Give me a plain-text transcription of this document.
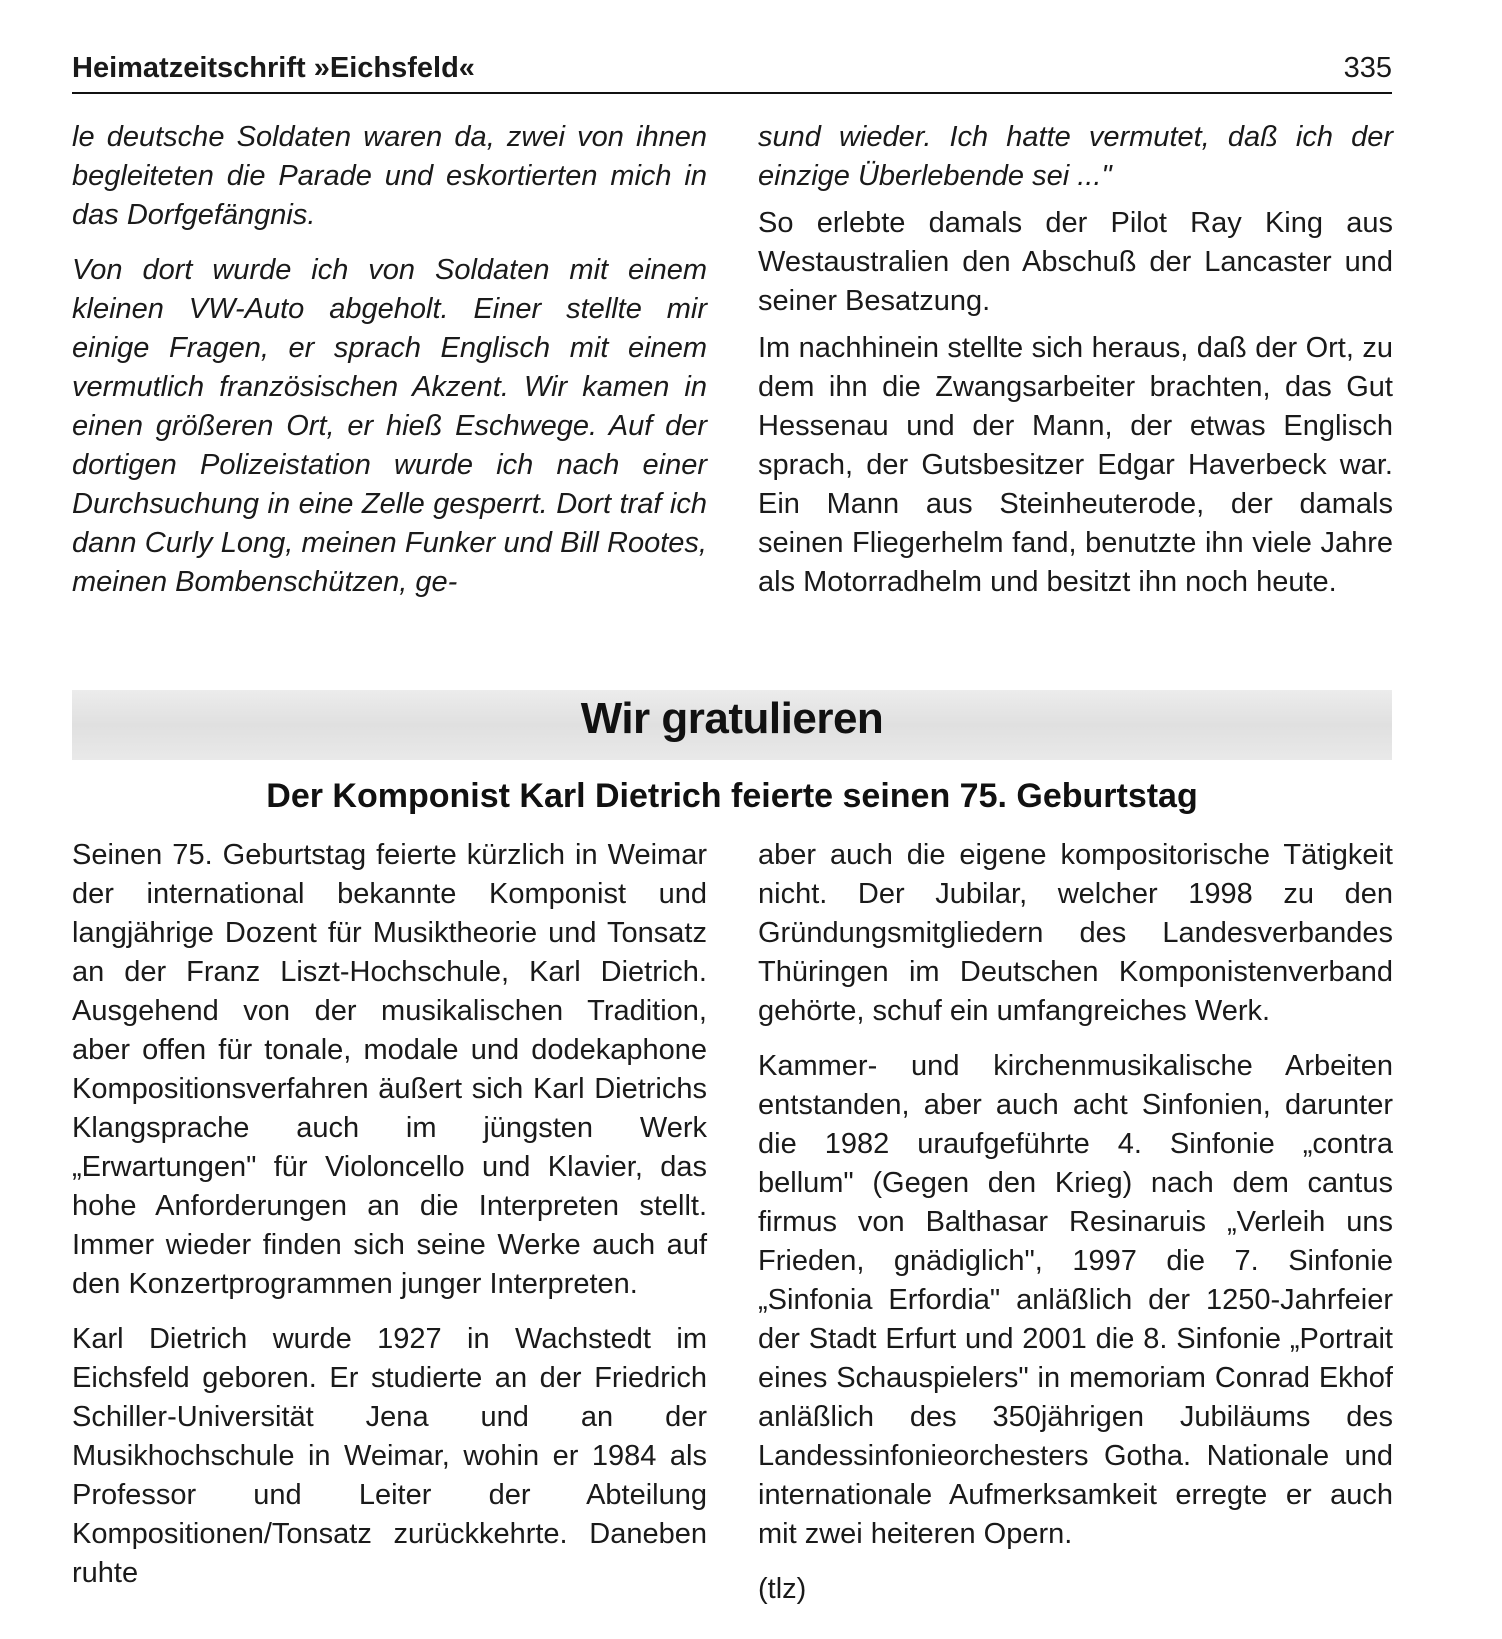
Heimatzeitschrift »Eichsfeld«	335

le deutsche Soldaten waren da, zwei von ihnen begleiteten die Parade und eskortierten mich in das Dorfgefängnis.

Von dort wurde ich von Soldaten mit einem kleinen VW-Auto abgeholt. Einer stellte mir einige Fragen, er sprach Englisch mit einem vermutlich französischen Akzent. Wir kamen in einen größeren Ort, er hieß Eschwege. Auf der dortigen Polizeistation wurde ich nach einer Durchsuchung in eine Zelle gesperrt. Dort traf ich dann Curly Long, meinen Funker und Bill Rootes, meinen Bombenschützen, ge-

sund wieder. Ich hatte vermutet, daß ich der einzige Überlebende sei ..."

So erlebte damals der Pilot Ray King aus Westaustralien den Abschuß der Lancaster und seiner Besatzung.

Im nachhinein stellte sich heraus, daß der Ort, zu dem ihn die Zwangsarbeiter brachten, das Gut Hessenau und der Mann, der etwas Englisch sprach, der Gutsbesitzer Edgar Haverbeck war. Ein Mann aus Steinheuterode, der damals seinen Fliegerhelm fand, benutzte ihn viele Jahre als Motorradhelm und besitzt ihn noch heute.

Wir gratulieren
Der Komponist Karl Dietrich feierte seinen 75. Geburtstag

Seinen 75. Geburtstag feierte kürzlich in Weimar der international bekannte Komponist und langjährige Dozent für Musiktheorie und Tonsatz an der Franz Liszt-Hochschule, Karl Dietrich. Ausgehend von der musikalischen Tradition, aber offen für tonale, modale und dodekaphone Kompositionsverfahren äußert sich Karl Dietrichs Klangsprache auch im jüngsten Werk „Erwartungen" für Violoncello und Klavier, das hohe Anforderungen an die Interpreten stellt. Immer wieder finden sich seine Werke auch auf den Konzertprogrammen junger Interpreten.

Karl Dietrich wurde 1927 in Wachstedt im Eichsfeld geboren. Er studierte an der Friedrich Schiller-Universität Jena und an der Musikhochschule in Weimar, wohin er 1984 als Professor und Leiter der Abteilung Kompositionen/Tonsatz zurückkehrte. Daneben ruhte

aber auch die eigene kompositorische Tätigkeit nicht. Der Jubilar, welcher 1998 zu den Gründungsmitgliedern des Landesverbandes Thüringen im Deutschen Komponistenverband gehörte, schuf ein umfangreiches Werk.

Kammer- und kirchenmusikalische Arbeiten entstanden, aber auch acht Sinfonien, darunter die 1982 uraufgeführte 4. Sinfonie „contra bellum" (Gegen den Krieg) nach dem cantus firmus von Balthasar Resinaruis „Verleih uns Frieden, gnädiglich", 1997 die 7. Sinfonie „Sinfonia Erfordia" anläßlich der 1250-Jahrfeier der Stadt Erfurt und 2001 die 8. Sinfonie „Portrait eines Schauspielers" in memoriam Conrad Ekhof anläßlich des 350jährigen Jubiläums des Landessinfonieorchesters Gotha. Nationale und internationale Aufmerksamkeit erregte er auch mit zwei heiteren Opern.

(tlz)
